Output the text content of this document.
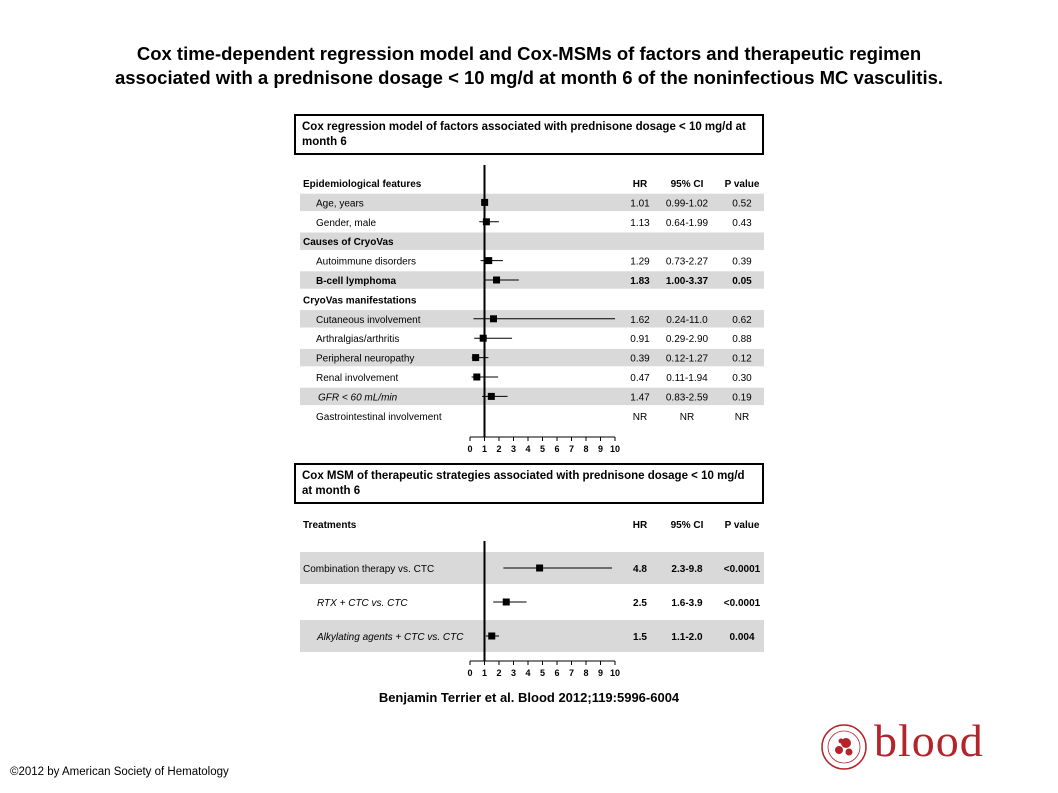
Cox time-dependent regression model and Cox-MSMs of factors and therapeutic regimen
associated with a prednisone dosage < 10 mg/d at month 6 of the noninfectious MC vasculitis.
Cox regression model of factors associated with prednisone dosage < 10 mg/d at month 6
Cox MSM of therapeutic strategies associated with prednisone dosage < 10 mg/d at month 6
HR 95% CI P value
Epidemiological features
Age, years	1.01 0.99-1.02 0.52
Gender, male	1.13 0.64-1.99 0.43
Causes of CryoVas
Autoimmune disorders	1.29 0.73-2.27 0.39
B-cell lymphoma	1.83 1.00-3.37 0.05
CryoVas manifestations
Cutaneous involvement	1.62 0.24-11.0 0.62
Arthralgias/arthritis	0.91 0.29-2.90 0.88
Peripheral neuropathy	0.39 0.12-1.27 0.12
Renal involvement	0.47 0.11-1.94 0.30
GFR < 60 mL/min	1.47 0.83-2.59 0.19
Gastrointestinal involvement	NR	NR	NR
0 1 2 3 4 5 6 7 8 9 10
HR 95% CI P value
Treatments
Combination therapy vs. CTC	4.8 2.3-9.8 <0.0001
RTX + CTC vs. CTC	2.5 1.6-3.9 <0.0001
Alkylating agents + CTC vs. CTC	1.5 1.1-2.0	0.004
0 1 2 3 4 5 6 7 8 9 10
Benjamin Terrier et al. Blood 2012;119:5996-6004
©2012 by American Society of Hematology
blood
